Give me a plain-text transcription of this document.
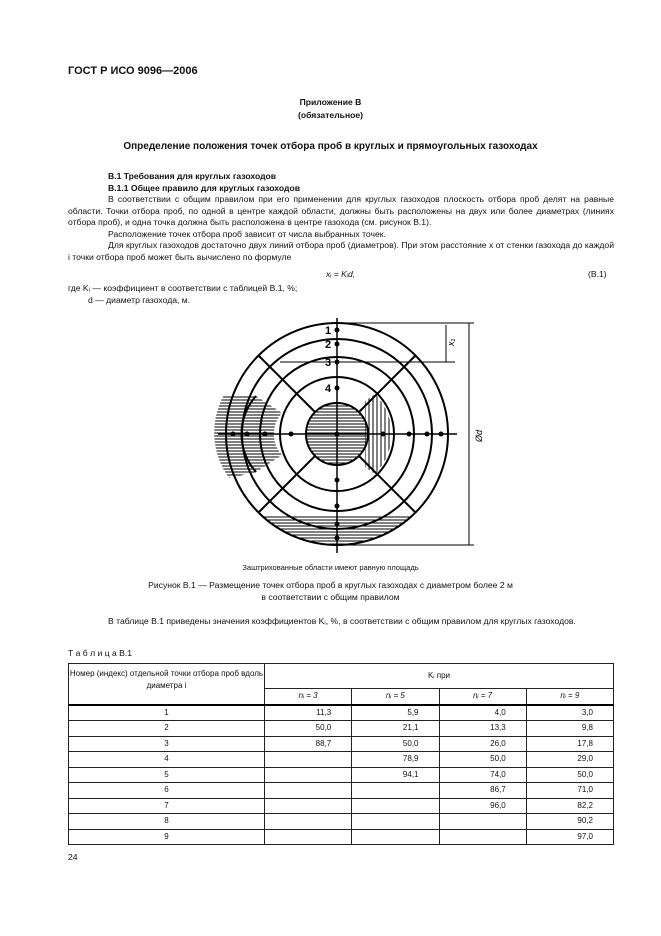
ГОСТ Р ИСО 9096—2006
Приложение В
(обязательное)
Определение положения точек отбора проб в круглых и прямоугольных газоходах
В.1 Требования для круглых газоходов
В.1.1 Общее правило для круглых газоходов
В соответствии с общим правилом при его применении для круглых газоходов плоскость отбора проб делят на равные области. Точки отбора проб, по одной в центре каждой области, должны быть расположены на двух или более диаметрах (линиях отбора проб), и одна точка должна быть расположена в центре газохода (см. рисунок В.1).
Расположение точек отбора проб зависит от числа выбранных точек.
Для круглых газоходов достаточно двух линий отбора проб (диаметров). При этом расстояние x от стенки газохода до каждой i точки отбора проб может быть вычислено по формуле
xᵢ = Kᵢd,	(В.1)
где Kᵢ — коэффициент в соответствии с таблицей В.1, %;
d — диаметр газохода, м.
1
2
3
4
x₁
Ød
Заштрихованные области имеют равную площадь
Рисунок В.1 — Размещение точек отбора проб в круглых газоходах с диаметром более 2 м
в соответствии с общим правилом
В таблице В.1 приведены значения коэффициентов Kᵢ, %, в соответствии с общим правилом для круглых газоходов.
Т а б л и ц а В.1
Номер (индекс) отдельной точки отбора проб вдоль диаметра i	Kᵢ при			
	nᵢ = 3	nᵢ = 5	nᵢ = 7	nᵢ = 9
1	11,3	5,9	4,0	3,0
2	50,0	21,1	13,3	9,8
3	88,7	50,0	26,0	17,8
4		78,9	50,0	29,0
5		94,1	74,0	50,0
6			86,7	71,0
7			96,0	82,2
8				90,2
9				97,0
24
